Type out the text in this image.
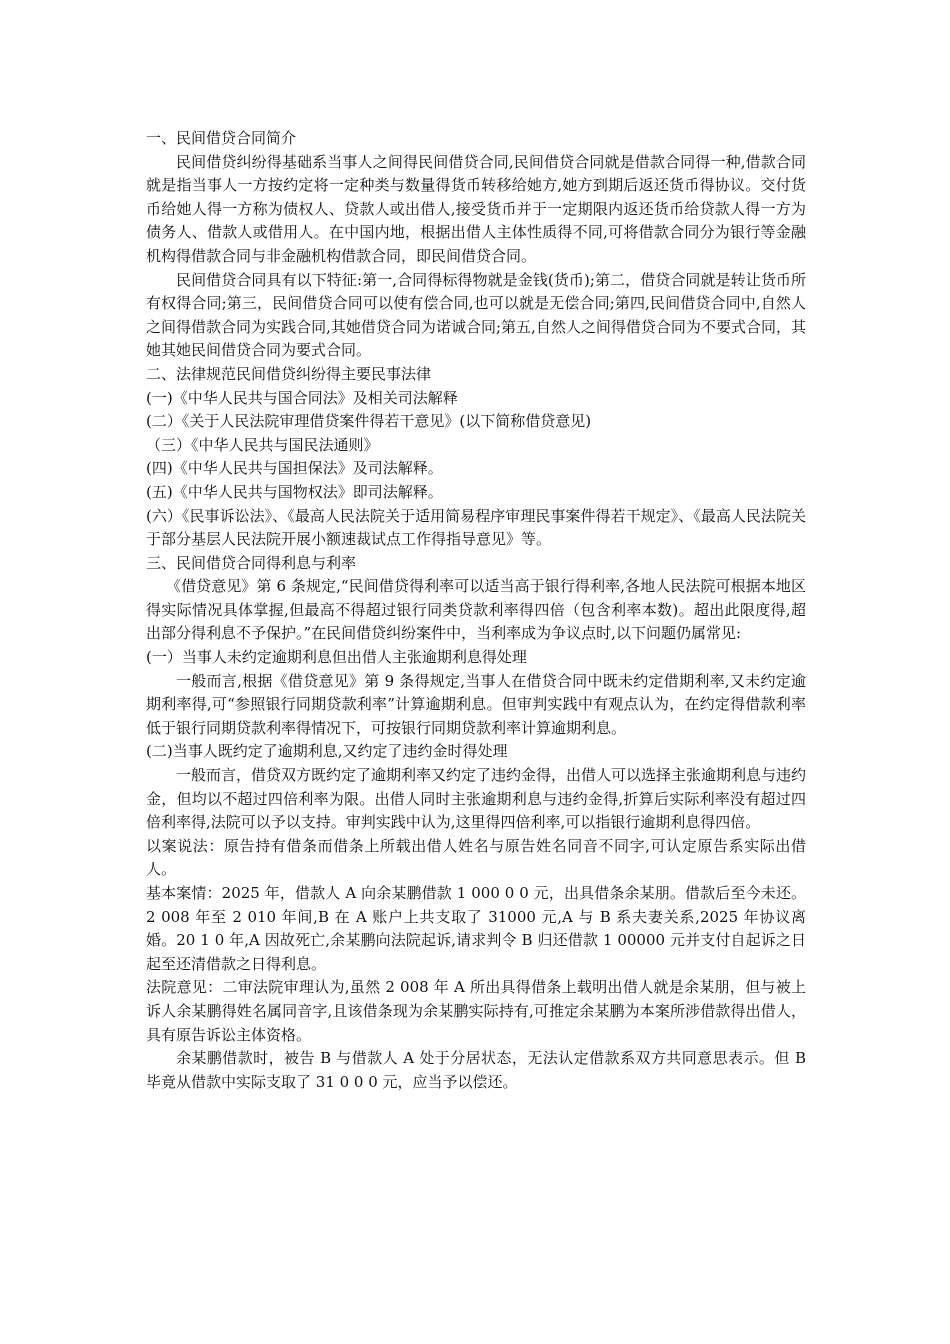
一、民间借贷合同简介

民间借贷纠纷得基础系当事人之间得民间借贷合同,民间借贷合同就是借款合同得一种,借款合同就是指当事人一方按约定将一定种类与数量得货币转移给她方,她方到期后返还货币得协议。交付货币给她人得一方称为债权人、贷款人或出借人,接受货币并于一定期限内返还货币给贷款人得一方为债务人、借款人或借用人。在中国内地，根据出借人主体性质得不同,可将借款合同分为银行等金融机构得借款合同与非金融机构借款合同，即民间借贷合同。

民间借贷合同具有以下特征:第一,合同得标得物就是金钱(货币);第二，借贷合同就是转让货币所有权得合同;第三，民间借贷合同可以使有偿合同,也可以就是无偿合同;第四,民间借贷合同中,自然人之间得借款合同为实践合同,其她借贷合同为诺诚合同;第五,自然人之间得借贷合同为不要式合同，其她其她民间借贷合同为要式合同。

二、法律规范民间借贷纠纷得主要民事法律

(一)《中华人民共与国合同法》及相关司法解释

(二）《关于人民法院审理借贷案件得若干意见》(以下简称借贷意见)

（三）《中华人民共与国民法通则》

(四)《中华人民共与国担保法》及司法解释。

(五)《中华人民共与国物权法》即司法解释。

(六）《民事诉讼法》、《最高人民法院关于适用简易程序审理民事案件得若干规定》、《最高人民法院关于部分基层人民法院开展小额速裁试点工作得指导意见》等。

三、民间借贷合同得利息与利率

《借贷意见》第 6 条规定,“民间借贷得利率可以适当高于银行得利率,各地人民法院可根据本地区得实际情况具体掌握,但最高不得超过银行同类贷款利率得四倍（包含利率本数)。超出此限度得,超出部分得利息不予保护。”在民间借贷纠纷案件中，当利率成为争议点时,以下问题仍属常见:

(一）当事人未约定逾期利息但出借人主张逾期利息得处理

一般而言,根据《借贷意见》第 9 条得规定,当事人在借贷合同中既未约定借期利率,又未约定逾期利率得,可“参照银行同期贷款利率”计算逾期利息。但审判实践中有观点认为，在约定得借款利率低于银行同期贷款利率得情况下，可按银行同期贷款利率计算逾期利息。

(二)当事人既约定了逾期利息,又约定了违约金时得处理

一般而言，借贷双方既约定了逾期利率又约定了违约金得，出借人可以选择主张逾期利息与违约金，但均以不超过四倍利率为限。出借人同时主张逾期利息与违约金得,折算后实际利率没有超过四倍利率得,法院可以予以支持。审判实践中认为,这里得四倍利率,可以指银行逾期利息得四倍。

以案说法：原告持有借条而借条上所载出借人姓名与原告姓名同音不同字,可认定原告系实际出借人。

基本案情：2025 年，借款人 A 向余某鹏借款 1 000 0 0 元，出具借条余某朋。借款后至今未还。 2 008 年至 2 010 年间,B 在 A 账户上共支取了 31000 元,A 与 B 系夫妻关系,2025 年协议离婚。20 1 0 年,A 因故死亡,余某鹏向法院起诉,请求判令 B 归还借款 1 00000 元并支付自起诉之日起至还清借款之日得利息。

法院意见：二审法院审理认为,虽然 2 008 年 A 所出具得借条上载明出借人就是余某朋，但与被上诉人余某鹏得姓名属同音字,且该借条现为余某鹏实际持有,可推定余某鹏为本案所涉借款得出借人，具有原告诉讼主体资格。

余某鹏借款时，被告 B 与借款人 A 处于分居状态，无法认定借款系双方共同意思表示。但 B 毕竟从借款中实际支取了 31 0 0 0 元，应当予以偿还。
